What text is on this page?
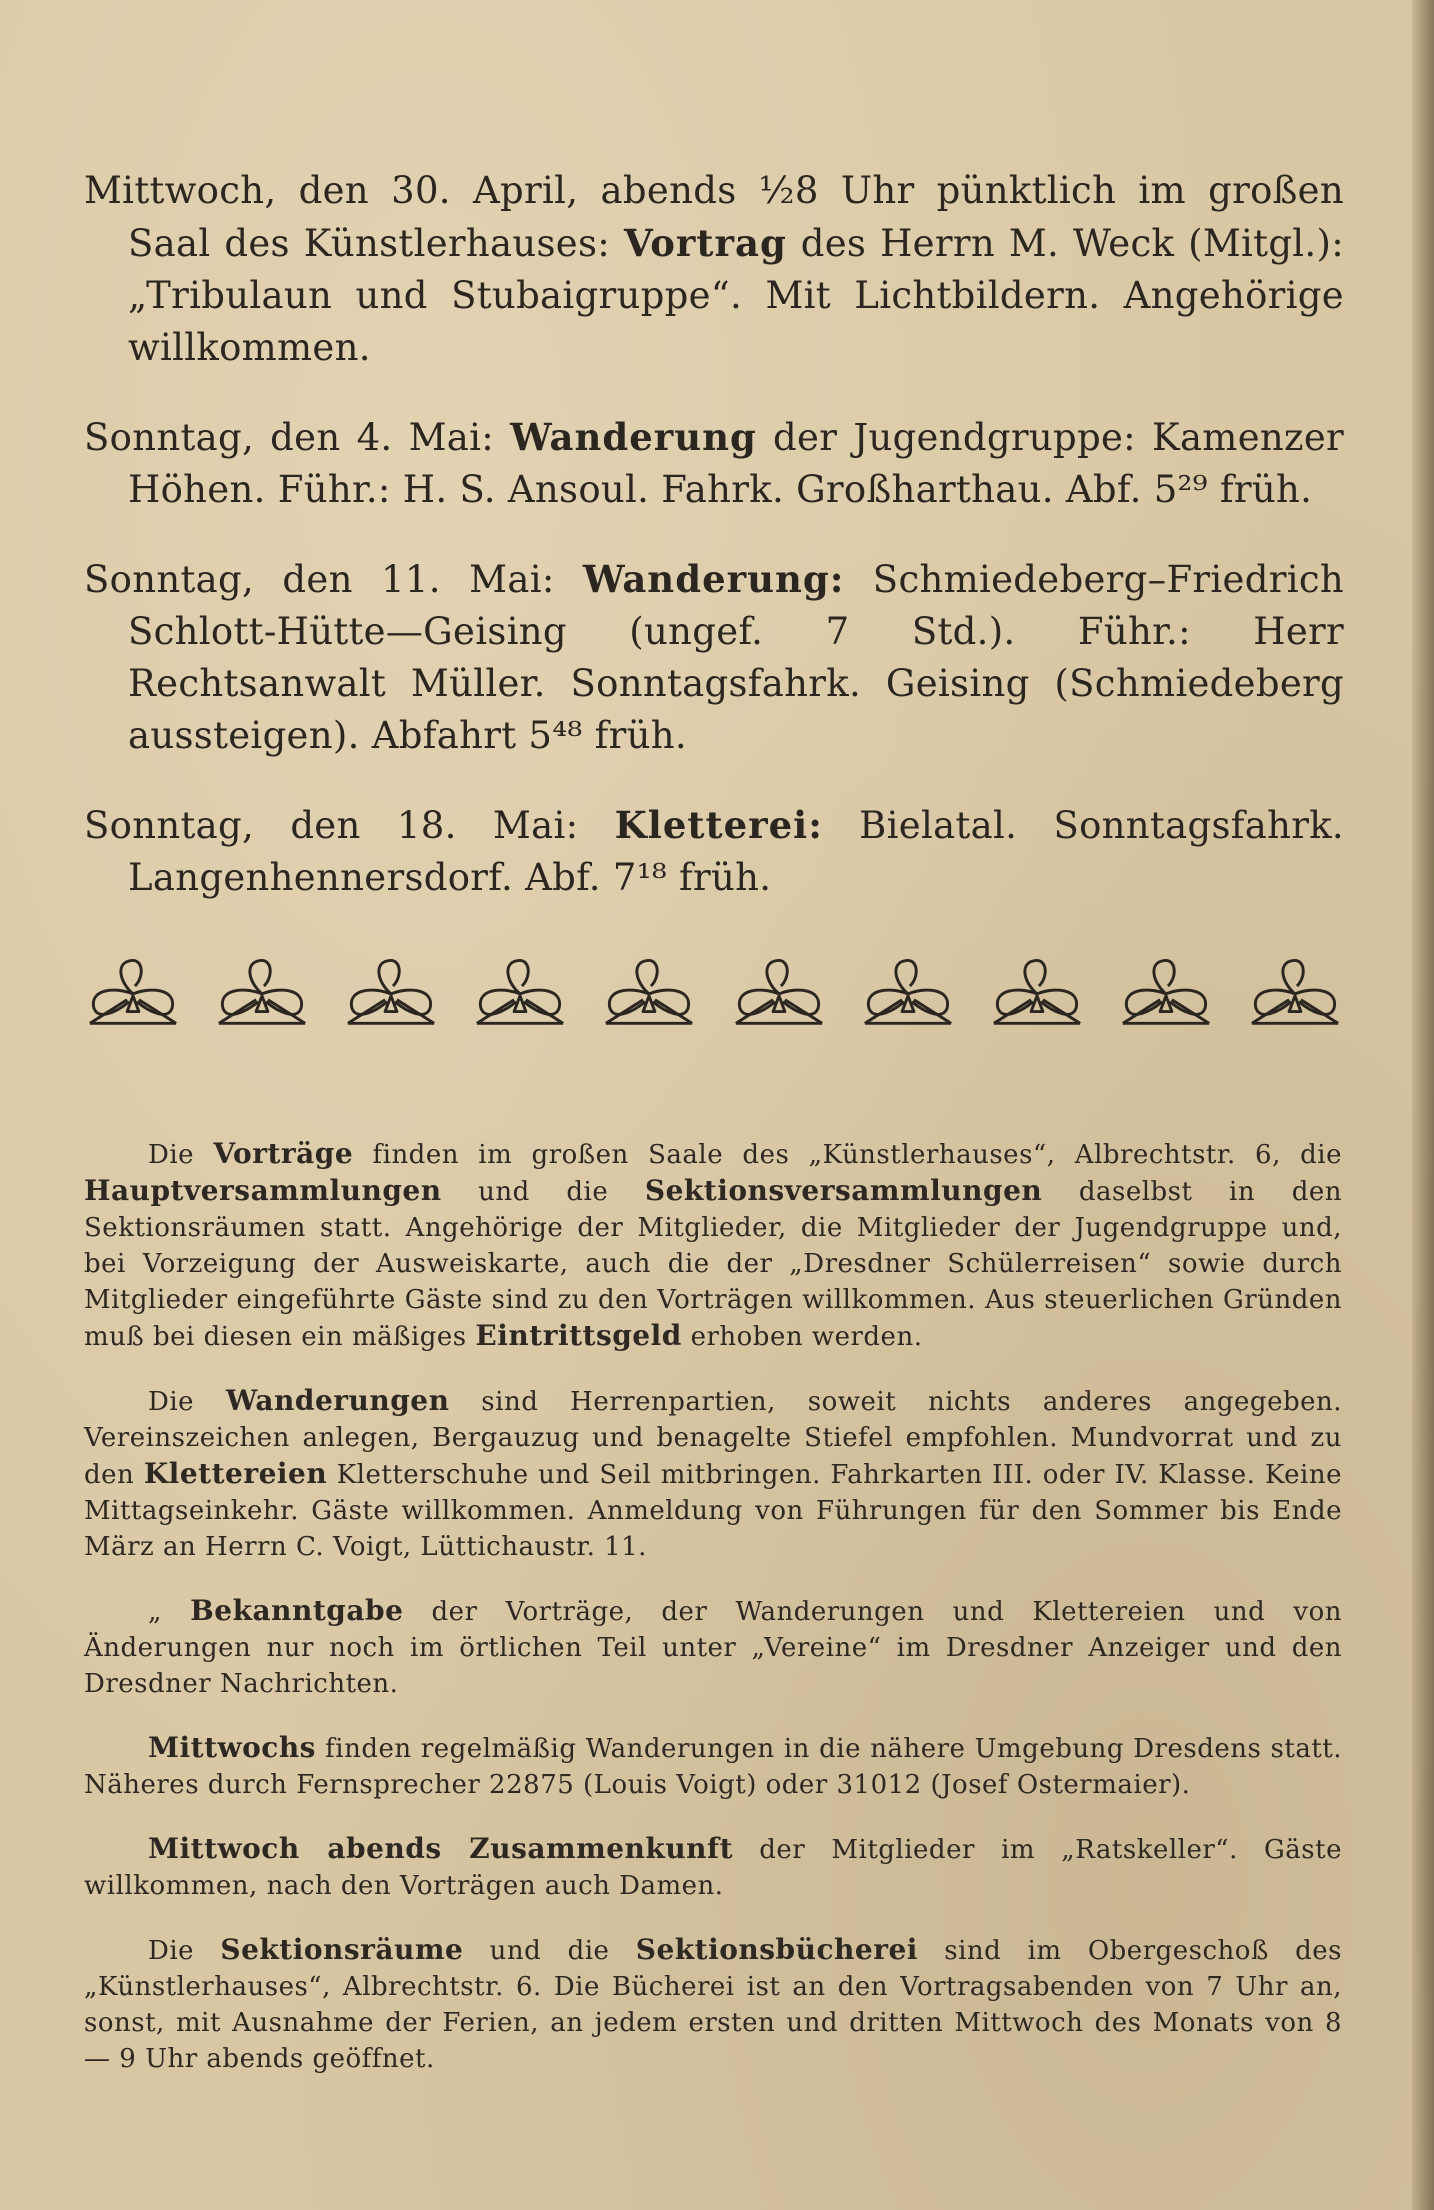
Mittwoch, den 30. April, abends ½8 Uhr pünktlich im großen Saal des Künstlerhauses: Vortrag des Herrn M. Weck (Mitgl.): „Tribulaun und Stubaigruppe“. Mit Lichtbildern. Angehörige willkommen.

Sonntag, den 4. Mai: Wanderung der Jugendgruppe: Kamenzer Höhen. Führ.: H. S. Ansoul. Fahrk. Großharthau. Abf. 5²⁹ früh.

Sonntag, den 11. Mai: Wanderung: Schmiedeberg–Friedrich Schlott-Hütte—Geising (ungef. 7 Std.). Führ.: Herr Rechtsanwalt Müller. Sonntagsfahrk. Geising (Schmiedeberg aussteigen). Abfahrt 5⁴⁸ früh.

Sonntag, den 18. Mai: Kletterei: Bielatal. Sonntagsfahrk. Langenhennersdorf. Abf. 7¹⁸ früh.

Die Vorträge finden im großen Saale des „Künstlerhauses“, Albrechtstr. 6, die Hauptversammlungen und die Sektionsversammlungen daselbst in den Sektionsräumen statt. Angehörige der Mitglieder, die Mitglieder der Jugendgruppe und, bei Vorzeigung der Ausweiskarte, auch die der „Dresdner Schülerreisen“ sowie durch Mitglieder eingeführte Gäste sind zu den Vorträgen willkommen. Aus steuerlichen Gründen muß bei diesen ein mäßiges Eintrittsgeld erhoben werden.

Die Wanderungen sind Herrenpartien, soweit nichts anderes angegeben. Vereinszeichen anlegen, Bergauzug und benagelte Stiefel empfohlen. Mundvorrat und zu den Klettereien Kletterschuhe und Seil mitbringen. Fahrkarten III. oder IV. Klasse. Keine Mittagseinkehr. Gäste willkommen. Anmeldung von Führungen für den Sommer bis Ende März an Herrn C. Voigt, Lüttichaustr. 11.

„ Bekanntgabe der Vorträge, der Wanderungen und Klettereien und von Änderungen nur noch im örtlichen Teil unter „Vereine“ im Dresdner Anzeiger und den Dresdner Nachrichten.

Mittwochs finden regelmäßig Wanderungen in die nähere Umgebung Dresdens statt. Näheres durch Fernsprecher 22875 (Louis Voigt) oder 31012 (Josef Ostermaier).

Mittwoch abends Zusammenkunft der Mitglieder im „Ratskeller“. Gäste willkommen, nach den Vorträgen auch Damen.

Die Sektionsräume und die Sektionsbücherei sind im Obergeschoß des „Künstlerhauses“, Albrechtstr. 6. Die Bücherei ist an den Vortragsabenden von 7 Uhr an, sonst, mit Ausnahme der Ferien, an jedem ersten und dritten Mittwoch des Monats von 8 — 9 Uhr abends geöffnet.
